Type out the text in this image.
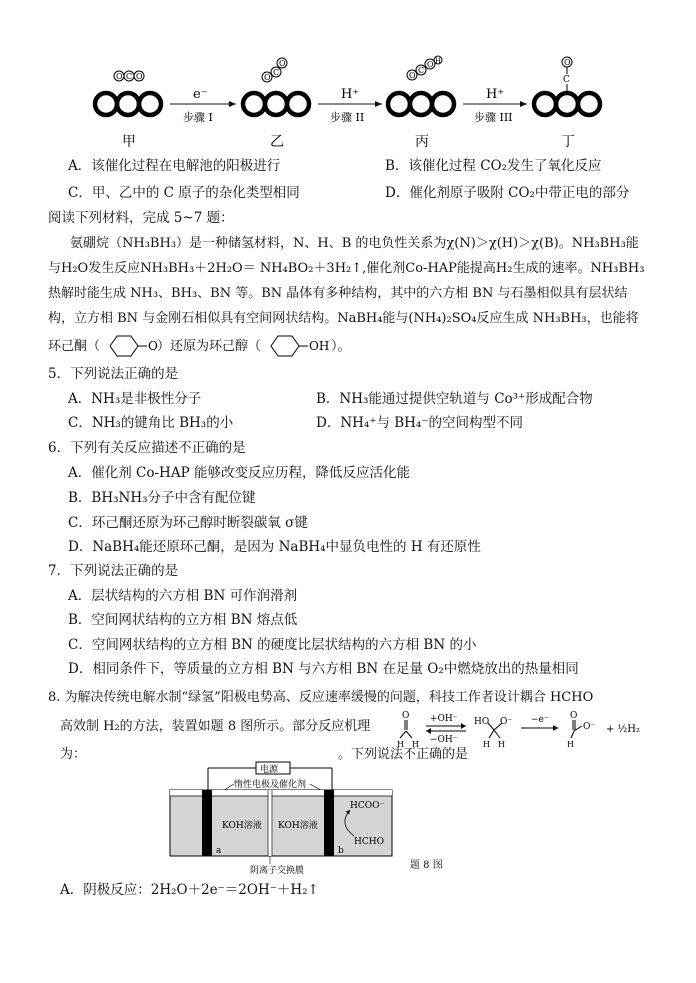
O C O	O
C
O
O
C
O H	O
C
e⁻
步骤 I
H⁺
步骤 II
H⁺
步骤 III
甲	乙	丙	丁
A．该催化过程在电解池的阳极进行	B．该催化过程 CO₂发生了氧化反应
C．甲、乙中的 C 原子的杂化类型相同	D．催化剂原子吸附 CO₂中带正电的部分
阅读下列材料，完成 5~7 题：
氨硼烷（NH₃BH₃）是一种储氢材料，N、H、B 的电负性关系为χ(N)＞χ(H)＞χ(B)。NH₃BH₃能
与H₂O发生反应NH₃BH₃＋2H₂O＝ NH₄BO₂＋3H₂↑,催化剂Co-HAP能提高H₂生成的速率。NH₃BH₃
热解时能生成 NH₃、BH₃、BN 等。BN 晶体有多种结构，其中的六方相 BN 与石墨相似具有层状结
构，立方相 BN 与金刚石相似具有空间网状结构。NaBH₄能与(NH₄)₂SO₄反应生成 NH₃BH₃，也能将
环己酮（	O ）还原为环己醇（	OH ）。
5．下列说法正确的是
A．NH₃是非极性分子	B．NH₃能通过提供空轨道与 Co³⁺形成配合物
C．NH₃的键角比 BH₃的小	D．NH₄⁺与 BH₄⁻的空间构型不同
6．下列有关反应描述不正确的是
A．催化剂 Co-HAP 能够改变反应历程，降低反应活化能
B．BH₃NH₃分子中含有配位键
C．环己酮还原为环己醇时断裂碳氧 σ键
D．NaBH₄能还原环己酮，是因为 NaBH₄中显负电性的 H 有还原性
7．下列说法正确的是
A．层状结构的六方相 BN 可作润滑剂
B．空间网状结构的立方相 BN 熔点低
C．空间网状结构的立方相 BN 的硬度比层状结构的六方相 BN 的小
D．相同条件下，等质量的立方相 BN 与六方相 BN 在足量 O₂中燃烧放出的热量相同
8. 为解决传统电解水制“绿氢”阳极电势高、反应速率缓慢的问题，科技工作者设计耦合 HCHO
高效制 H₂的方法，装置如题 8 图所示。部分反应机理
O
H H
+OH⁻
−OH⁻
HO O⁻
H H
−e⁻ O
O⁻
H
+ ½H₂
为：	。下列说法不正确的是
电源
惰性电极及催化剂
a	b
KOH溶液 KOH溶液
HCOO⁻
HCHO
阴离子交换膜	题 8 图
A．阴极反应：2H₂O＋2e⁻＝2OH⁻＋H₂↑
